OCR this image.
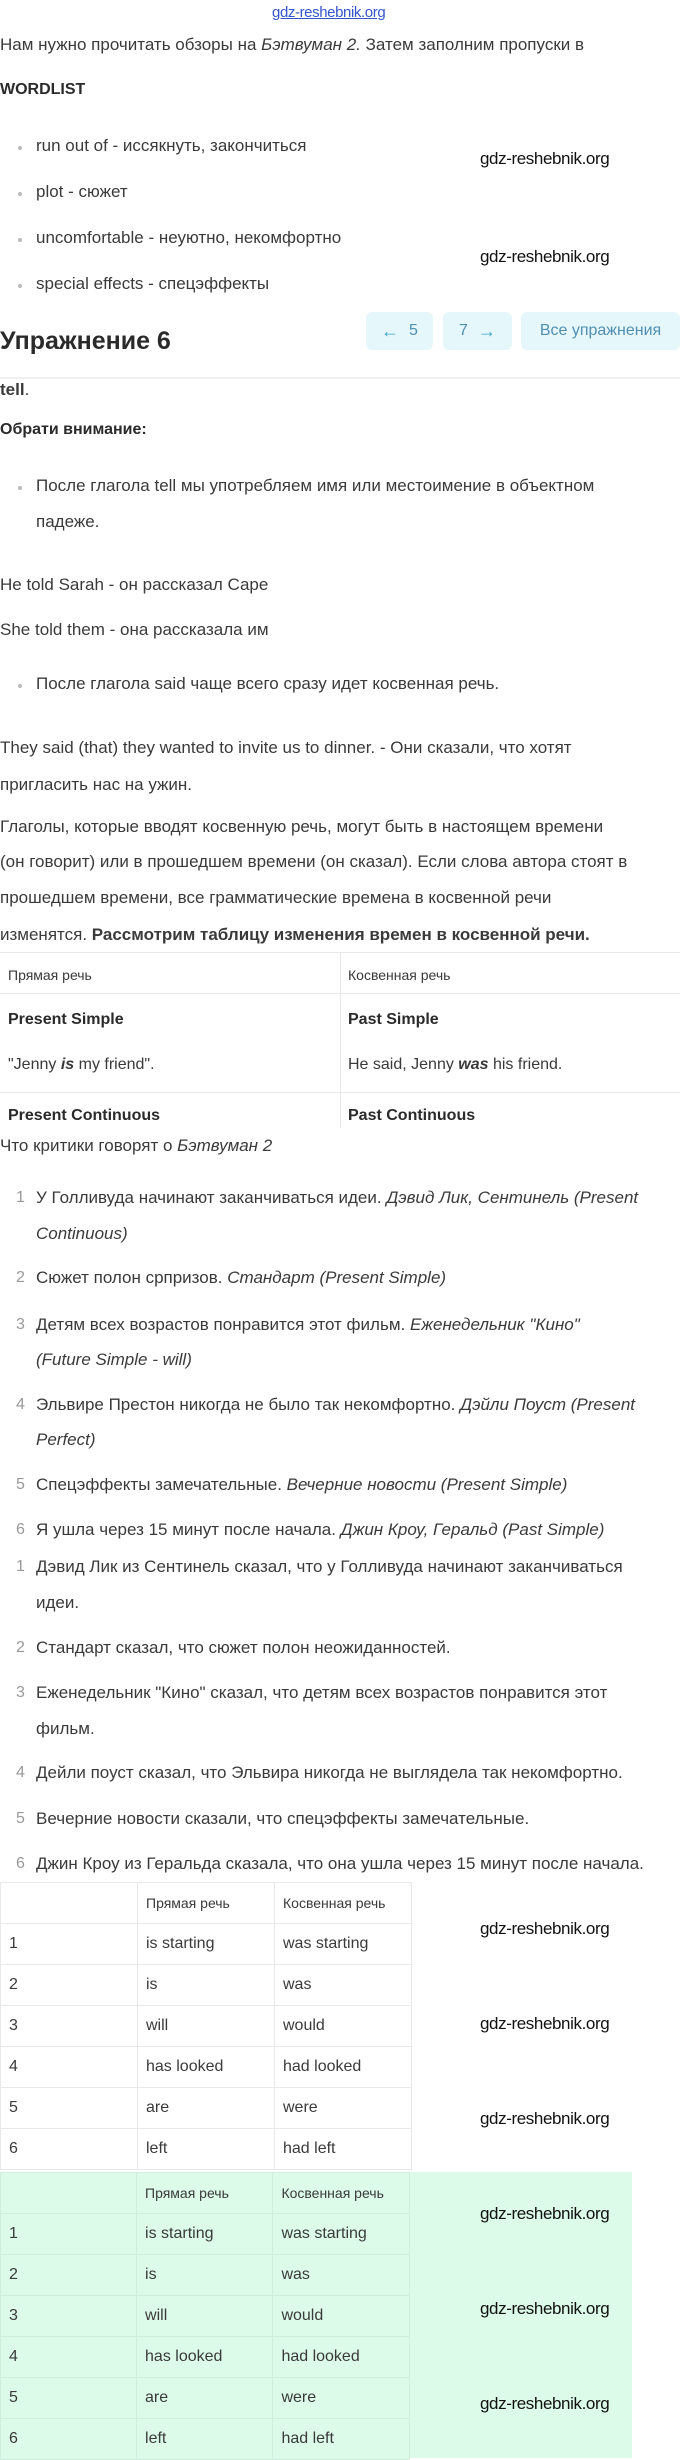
Нам нужно прочитать обзоры на Бэтвуман 2. Затем заполним пропуски в
WORDLIST
run out of - иссякнуть, закончиться
plot - сюжет
uncomfortable - неуютно, некомфортно
special effects - спецэффекты
Упражнение 6	← 5	7 →	Все упражнения
tell.
Обрати внимание:
После глагола tell мы употребляем имя или местоимение в объектном
падеже.
He told Sarah - он рассказал Саре
She told them - она рассказала им
После глагола said чаще всего сразу идет косвенная речь.
They said (that) they wanted to invite us to dinner. - Они сказали, что хотят
пригласить нас на ужин.
Глаголы, которые вводят косвенную речь, могут быть в настоящем времени
(он говорит) или в прошедшем времени (он сказал). Если слова автора стоят в
прошедшем времени, все грамматические времена в косвенной речи
изменятся. Рассмотрим таблицу изменения времен в косвенной речи.
Прямая речь	Косвенная речь
Present Simple	Past Simple
"Jenny is my friend".	He said, Jenny was his friend.
Present Continuous	Past Continuous
Что критики говорят о Бэтвуман 2
1 У Голливуда начинают заканчиваться идеи. Дэвид Лик, Сентинель (Present
Continuous)
2 Сюжет полон српризов. Стандарт (Present Simple)
3 Детям всех возрастов понравится этот фильм. Еженедельник "Кино"
(Future Simple - will)
4 Эльвире Престон никогда не было так некомфортно. Дэйли Поуст (Present
Perfect)
5 Спецэффекты замечательные. Вечерние новости (Present Simple)
6 Я ушла через 15 минут после начала. Джин Кроу, Геральд (Past Simple)
1 Дэвид Лик из Сентинель сказал, что у Голливуда начинают заканчиваться
идеи.
2 Стандарт сказал, что сюжет полон неожиданностей.
3 Еженедельник "Кино" сказал, что детям всех возрастов понравится этот
фильм.
4 Дейли поуст сказал, что Эльвира никогда не выглядела так некомфортно.
5 Вечерние новости сказали, что спецэффекты замечательные.
6 Джин Кроу из Геральда сказала, что она ушла через 15 минут после начала.
	Прямая речь	Косвенная речь
1	is starting	was starting
2	is	was
3	will	would
4	has looked	had looked
5	are	were
6	left	had left
	Прямая речь	Косвенная речь
1	is starting	was starting
2	is	was
3	will	would
4	has looked	had looked
5	are	were
6	left	had left
gdz-reshebnik.org
gdz-reshebnik.org
gdz-reshebnik.org
gdz-reshebnik.org
gdz-reshebnik.org
gdz-reshebnik.org
gdz-reshebnik.org
gdz-reshebnik.org
gdz-reshebnik.org
